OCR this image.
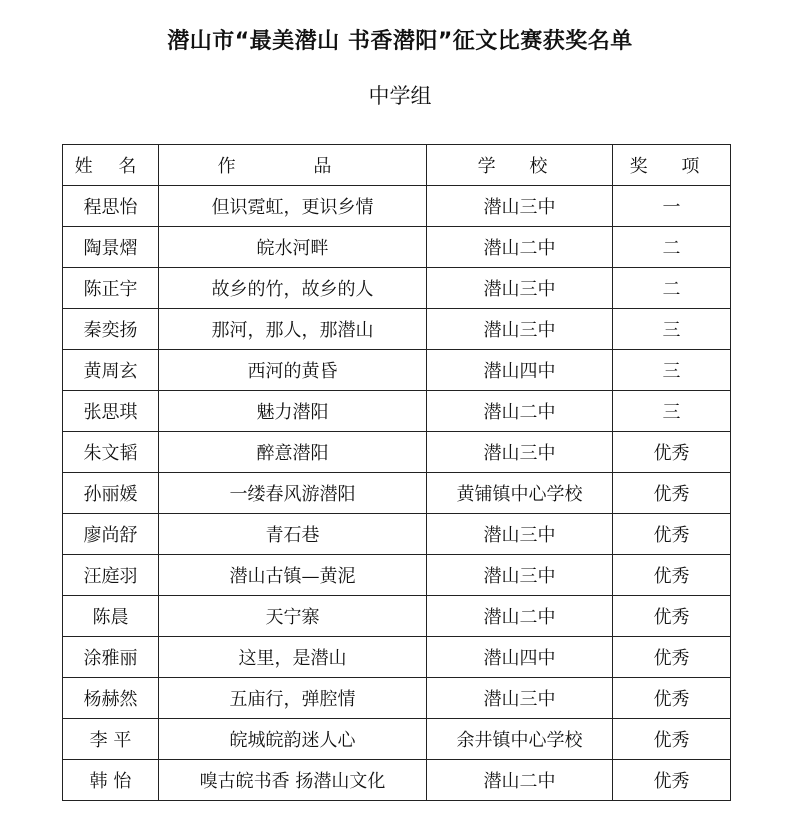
潜山市“最美潜山 书香潜阳”征文比赛获奖名单
中学组
姓 名	作 品	学 校	奖 项
程思怡	但识霓虹，更识乡情	潜山三中	一
陶景熠	皖水河畔	潜山二中	二
陈正宇	故乡的竹，故乡的人	潜山三中	二
秦奕扬	那河，那人，那潜山	潜山三中	三
黄周玄	西河的黄昏	潜山四中	三
张思琪	魅力潜阳	潜山二中	三
朱文韬	醉意潜阳	潜山三中	优秀
孙丽媛	一缕春风游潜阳	黄铺镇中心学校	优秀
廖尚舒	青石巷	潜山三中	优秀
汪庭羽	潜山古镇—黄泥	潜山三中	优秀
陈晨	天宁寨	潜山二中	优秀
涂雅丽	这里，是潜山	潜山四中	优秀
杨赫然	五庙行，弹腔情	潜山三中	优秀
李 平	皖城皖韵迷人心	余井镇中心学校	优秀
韩 怡	嗅古皖书香 扬潜山文化	潜山二中	优秀
